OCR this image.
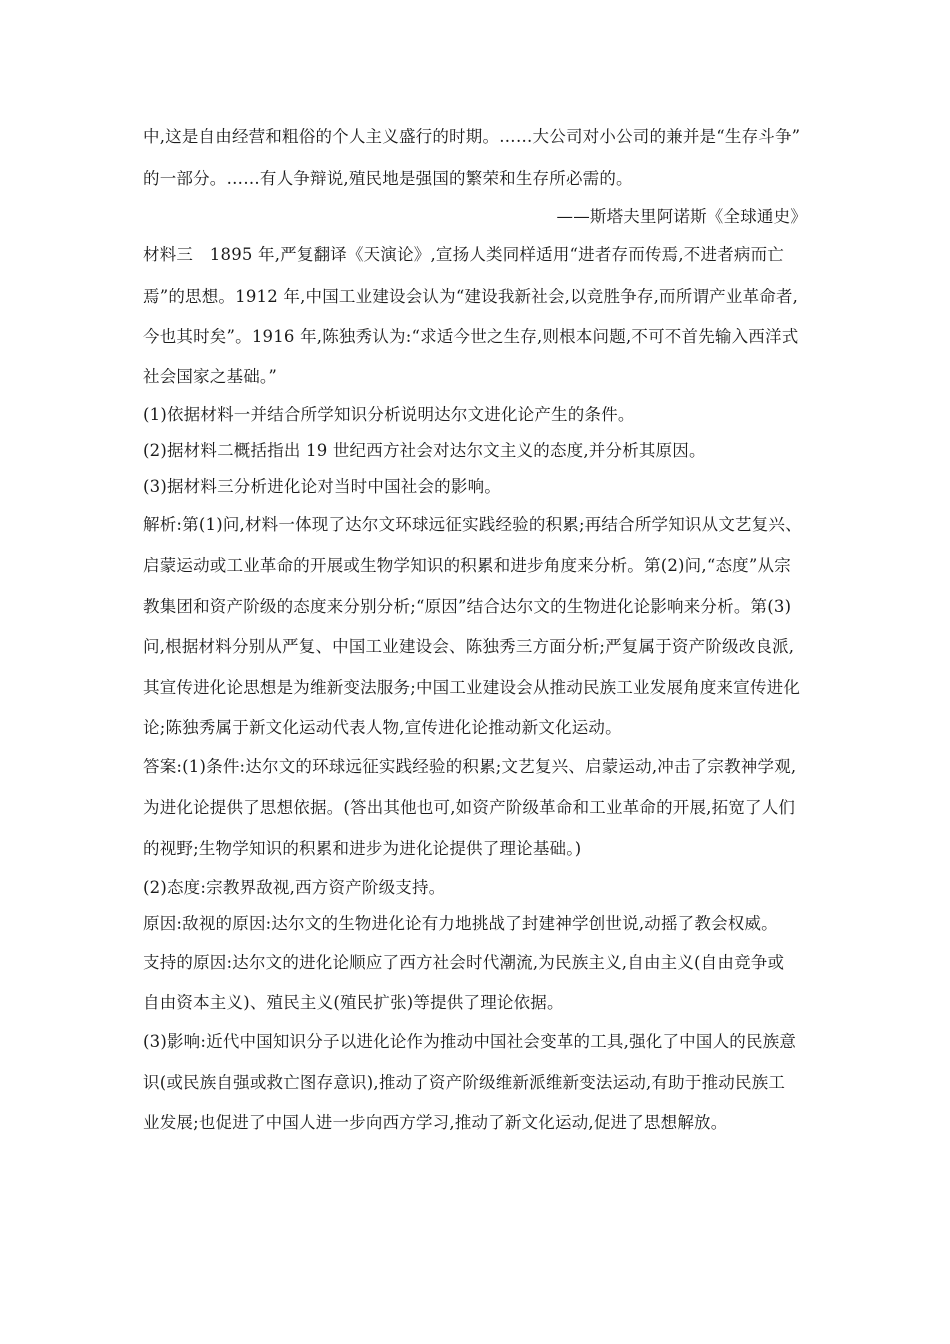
中,这是自由经营和粗俗的个人主义盛行的时期。……大公司对小公司的兼并是“生存斗争”
的一部分。……有人争辩说,殖民地是强国的繁荣和生存所必需的。
——斯塔夫里阿诺斯《全球通史》
材料三　1895 年,严复翻译《天演论》,宣扬人类同样适用“进者存而传焉,不进者病而亡
焉”的思想。1912 年,中国工业建设会认为“建设我新社会,以竞胜争存,而所谓产业革命者,
今也其时矣”。1916 年,陈独秀认为:“求适今世之生存,则根本问题,不可不首先输入西洋式
社会国家之基础。”
(1)依据材料一并结合所学知识分析说明达尔文进化论产生的条件。
(2)据材料二概括指出 19 世纪西方社会对达尔文主义的态度,并分析其原因。
(3)据材料三分析进化论对当时中国社会的影响。
解析:第(1)问,材料一体现了达尔文环球远征实践经验的积累;再结合所学知识从文艺复兴、
启蒙运动或工业革命的开展或生物学知识的积累和进步角度来分析。第(2)问,“态度”从宗
教集团和资产阶级的态度来分别分析;“原因”结合达尔文的生物进化论影响来分析。第(3)
问,根据材料分别从严复、中国工业建设会、陈独秀三方面分析;严复属于资产阶级改良派,
其宣传进化论思想是为维新变法服务;中国工业建设会从推动民族工业发展角度来宣传进化
论;陈独秀属于新文化运动代表人物,宣传进化论推动新文化运动。
答案:(1)条件:达尔文的环球远征实践经验的积累;文艺复兴、启蒙运动,冲击了宗教神学观,
为进化论提供了思想依据。(答出其他也可,如资产阶级革命和工业革命的开展,拓宽了人们
的视野;生物学知识的积累和进步为进化论提供了理论基础。)
(2)态度:宗教界敌视,西方资产阶级支持。
原因:敌视的原因:达尔文的生物进化论有力地挑战了封建神学创世说,动摇了教会权威。
支持的原因:达尔文的进化论顺应了西方社会时代潮流,为民族主义,自由主义(自由竞争或
自由资本主义)、殖民主义(殖民扩张)等提供了理论依据。
(3)影响:近代中国知识分子以进化论作为推动中国社会变革的工具,强化了中国人的民族意
识(或民族自强或救亡图存意识),推动了资产阶级维新派维新变法运动,有助于推动民族工
业发展;也促进了中国人进一步向西方学习,推动了新文化运动,促进了思想解放。
